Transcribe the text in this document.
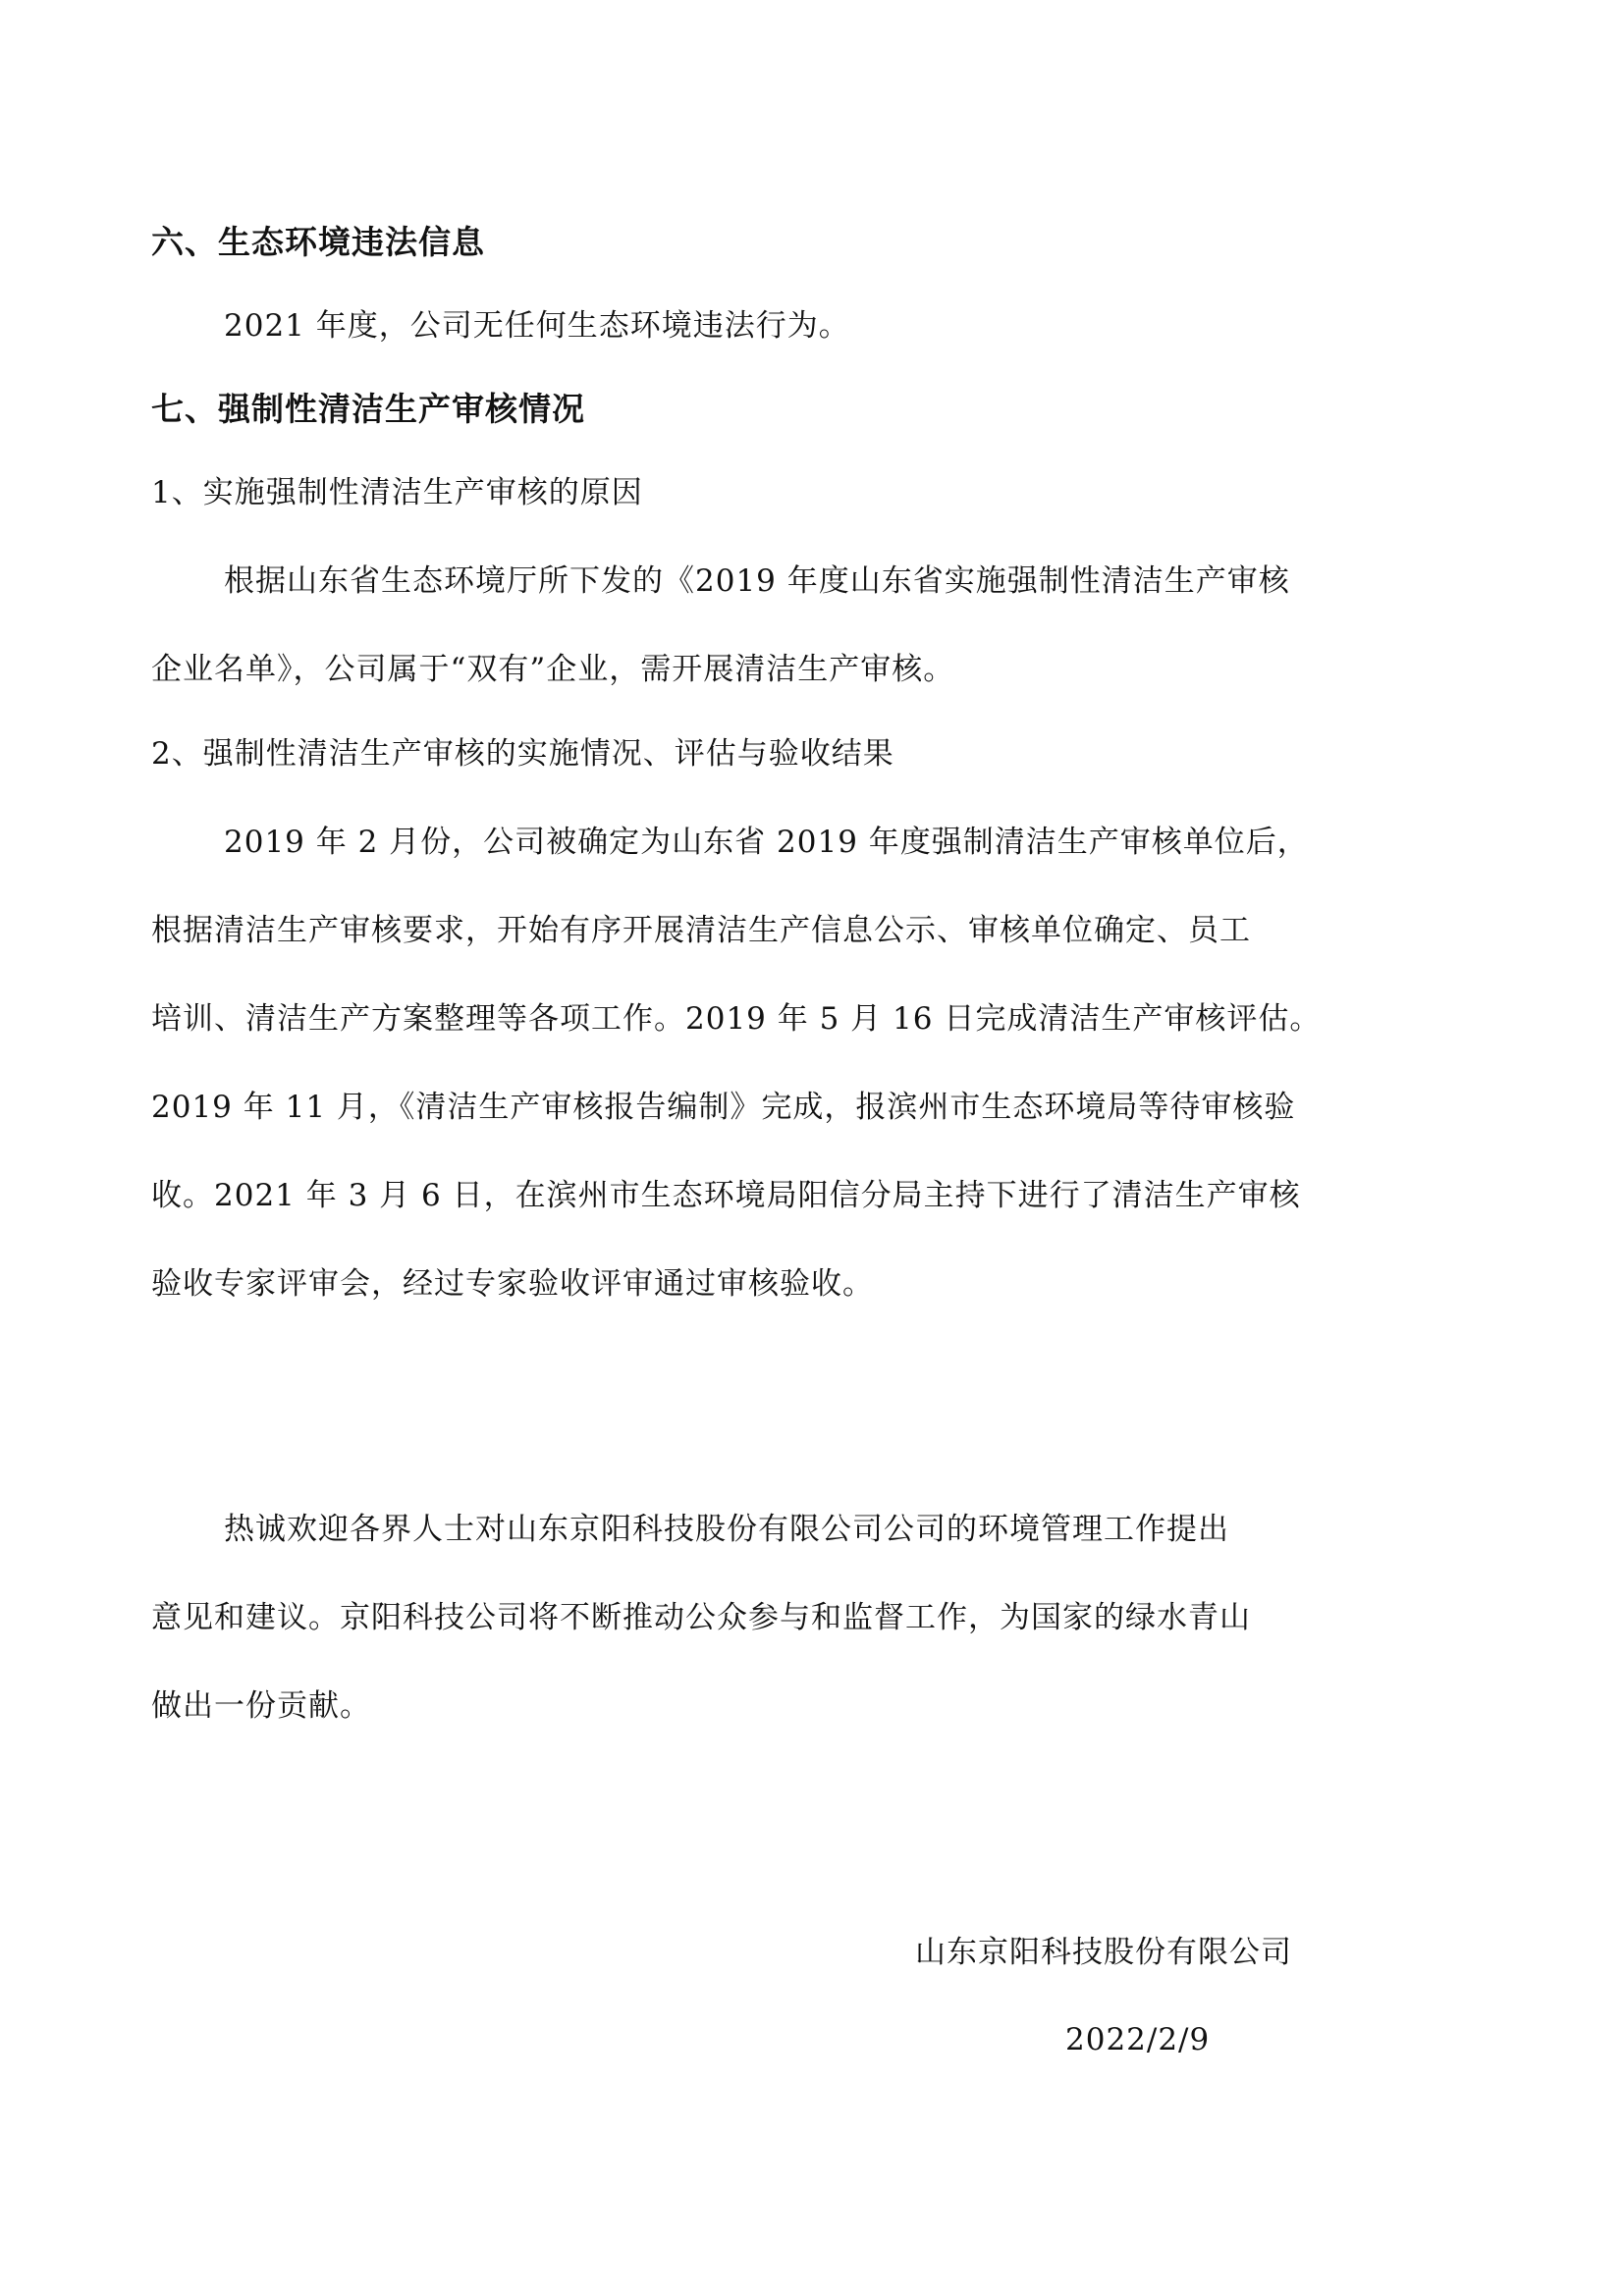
六、生态环境违法信息
2021 年度，公司无任何生态环境违法行为。
七、强制性清洁生产审核情况
1、实施强制性清洁生产审核的原因
根据山东省生态环境厅所下发的《2019 年度山东省实施强制性清洁生产审核
企业名单》，公司属于“双有”企业，需开展清洁生产审核。
2、强制性清洁生产审核的实施情况、评估与验收结果
2019 年 2 月份，公司被确定为山东省 2019 年度强制清洁生产审核单位后，
根据清洁生产审核要求，开始有序开展清洁生产信息公示、审核单位确定、员工
培训、清洁生产方案整理等各项工作。2019 年 5 月 16 日完成清洁生产审核评估。
2019 年 11 月，《清洁生产审核报告编制》完成，报滨州市生态环境局等待审核验
收。2021 年 3 月 6 日，在滨州市生态环境局阳信分局主持下进行了清洁生产审核
验收专家评审会，经过专家验收评审通过审核验收。
热诚欢迎各界人士对山东京阳科技股份有限公司公司的环境管理工作提出
意见和建议。京阳科技公司将不断推动公众参与和监督工作，为国家的绿水青山
做出一份贡献。
山东京阳科技股份有限公司
2022/2/9
